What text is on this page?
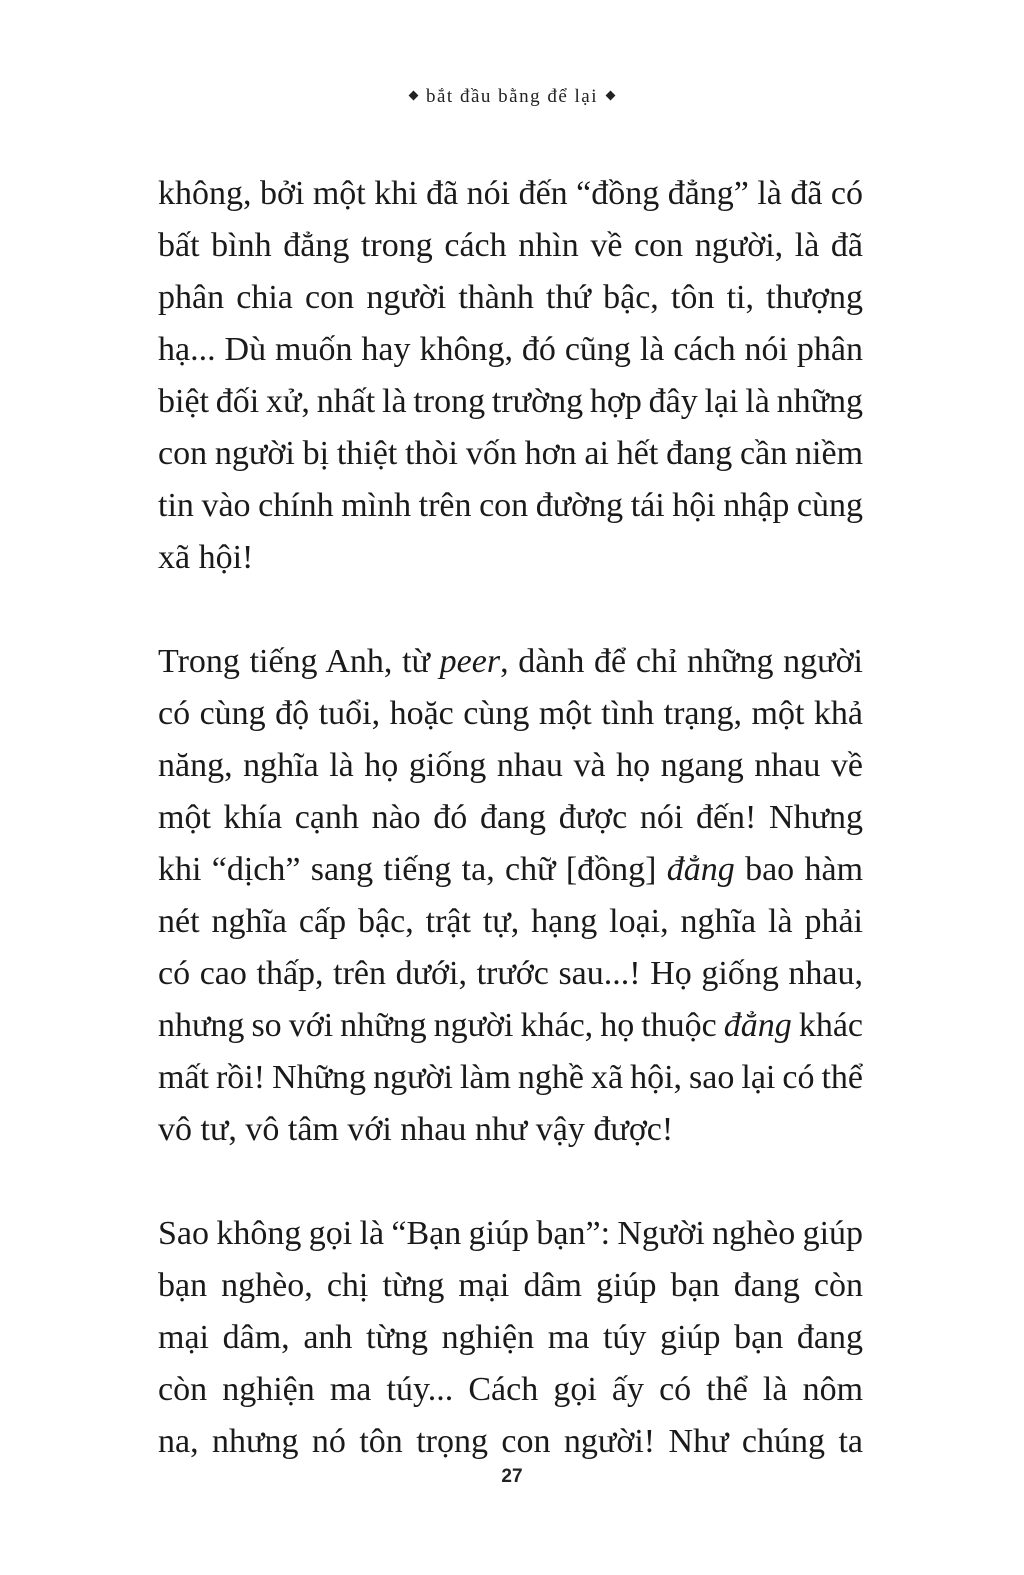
bắt đầu bằng để lại

không, bởi một khi đã nói đến “đồng đẳng” là đã có
bất bình đẳng trong cách nhìn về con người, là đã
phân chia con người thành thứ bậc, tôn ti, thượng
hạ... Dù muốn hay không, đó cũng là cách nói phân
biệt đối xử, nhất là trong trường hợp đây lại là những
con người bị thiệt thòi vốn hơn ai hết đang cần niềm
tin vào chính mình trên con đường tái hội nhập cùng
xã hội!

Trong tiếng Anh, từ peer, dành để chỉ những người
có cùng độ tuổi, hoặc cùng một tình trạng, một khả
năng, nghĩa là họ giống nhau và họ ngang nhau về
một khía cạnh nào đó đang được nói đến! Nhưng
khi “dịch” sang tiếng ta, chữ [đồng] đẳng bao hàm
nét nghĩa cấp bậc, trật tự, hạng loại, nghĩa là phải
có cao thấp, trên dưới, trước sau...! Họ giống nhau,
nhưng so với những người khác, họ thuộc đẳng khác
mất rồi! Những người làm nghề xã hội, sao lại có thể
vô tư, vô tâm với nhau như vậy được!

Sao không gọi là “Bạn giúp bạn”: Người nghèo giúp
bạn nghèo, chị từng mại dâm giúp bạn đang còn
mại dâm, anh từng nghiện ma túy giúp bạn đang
còn nghiện ma túy... Cách gọi ấy có thể là nôm
na, nhưng nó tôn trọng con người! Như chúng ta

27
